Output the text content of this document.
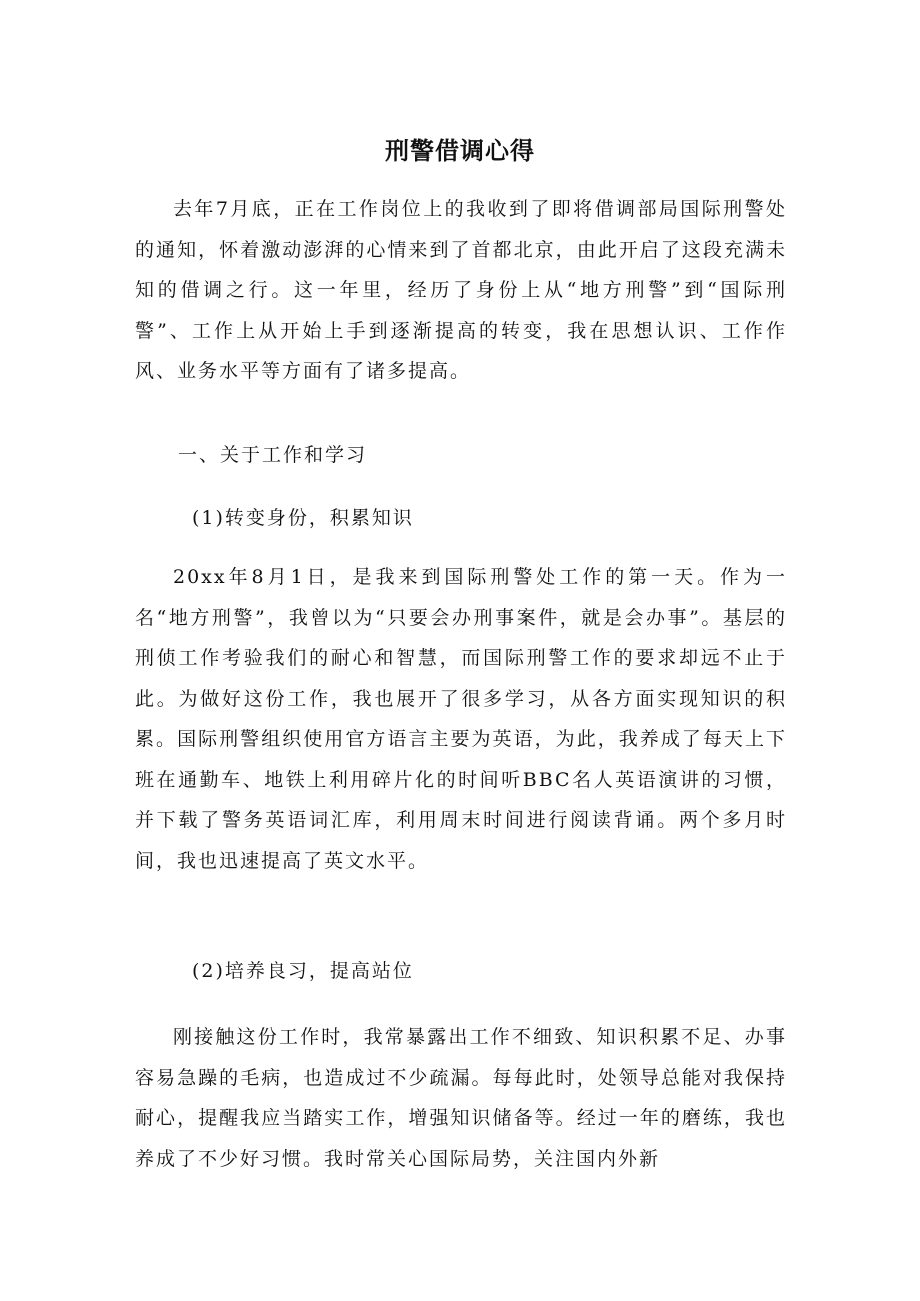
刑警借调心得

去年7月底，正在工作岗位上的我收到了即将借调部局国际刑警处的通知，怀着激动澎湃的心情来到了首都北京，由此开启了这段充满未知的借调之行。这一年里，经历了身份上从“地方刑警”到“国际刑警”、工作上从开始上手到逐渐提高的转变，我在思想认识、工作作风、业务水平等方面有了诸多提高。

一、关于工作和学习

(1)转变身份，积累知识

20xx年8月1日，是我来到国际刑警处工作的第一天。作为一名“地方刑警”，我曾以为“只要会办刑事案件，就是会办事”。基层的刑侦工作考验我们的耐心和智慧，而国际刑警工作的要求却远不止于此。为做好这份工作，我也展开了很多学习，从各方面实现知识的积累。国际刑警组织使用官方语言主要为英语，为此，我养成了每天上下班在通勤车、地铁上利用碎片化的时间听BBC名人英语演讲的习惯，并下载了警务英语词汇库，利用周末时间进行阅读背诵。两个多月时间，我也迅速提高了英文水平。

(2)培养良习，提高站位

刚接触这份工作时，我常暴露出工作不细致、知识积累不足、办事容易急躁的毛病，也造成过不少疏漏。每每此时，处领导总能对我保持耐心，提醒我应当踏实工作，增强知识储备等。经过一年的磨练，我也养成了不少好习惯。我时常关心国际局势，关注国内外新
